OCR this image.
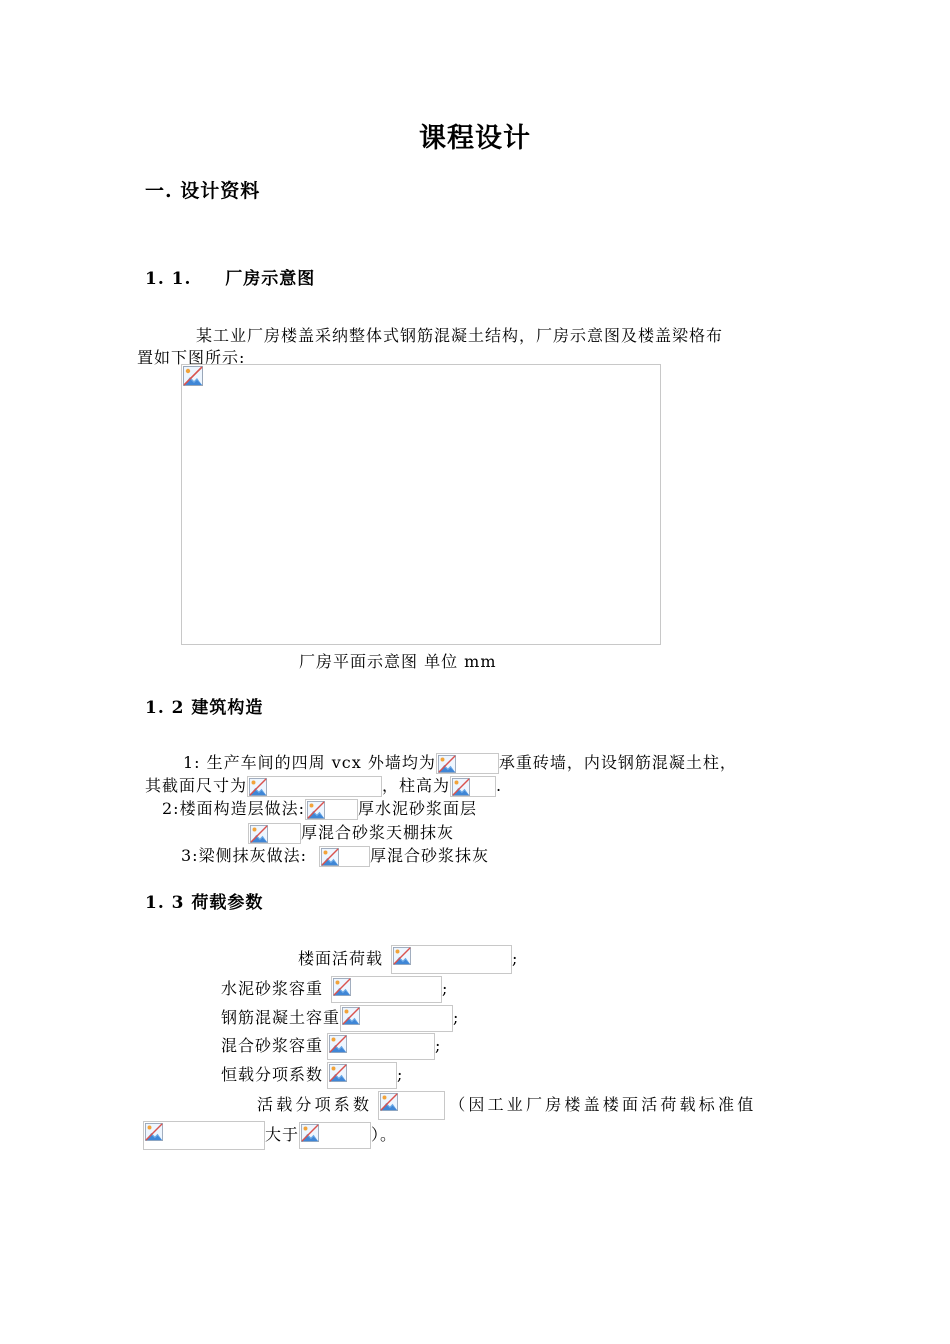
课程设计
一. 设计资料
1. 1. 厂房示意图
某工业厂房楼盖采纳整体式钢筋混凝土结构，厂房示意图及楼盖梁格布
置如下图所示:
厂房平面示意图 单位 mm
1. 2 建筑构造
1: 生产车间的四周 vcx 外墙均为	承重砖墙，内设钢筋混凝土柱，
其截面尺寸为	，柱高为	.
2:楼面构造层做法:	厚水泥砂浆面层
厚混合砂浆天棚抹灰
3:梁侧抹灰做法:	厚混合砂浆抹灰
1. 3 荷载参数
楼面活荷载	;
水泥砂浆容重	;
钢筋混凝土容重	;
混合砂浆容重	;
恒载分项系数	;
活载分项系数	（因工业厂房楼盖楼面活荷载标准值
大于	）。
